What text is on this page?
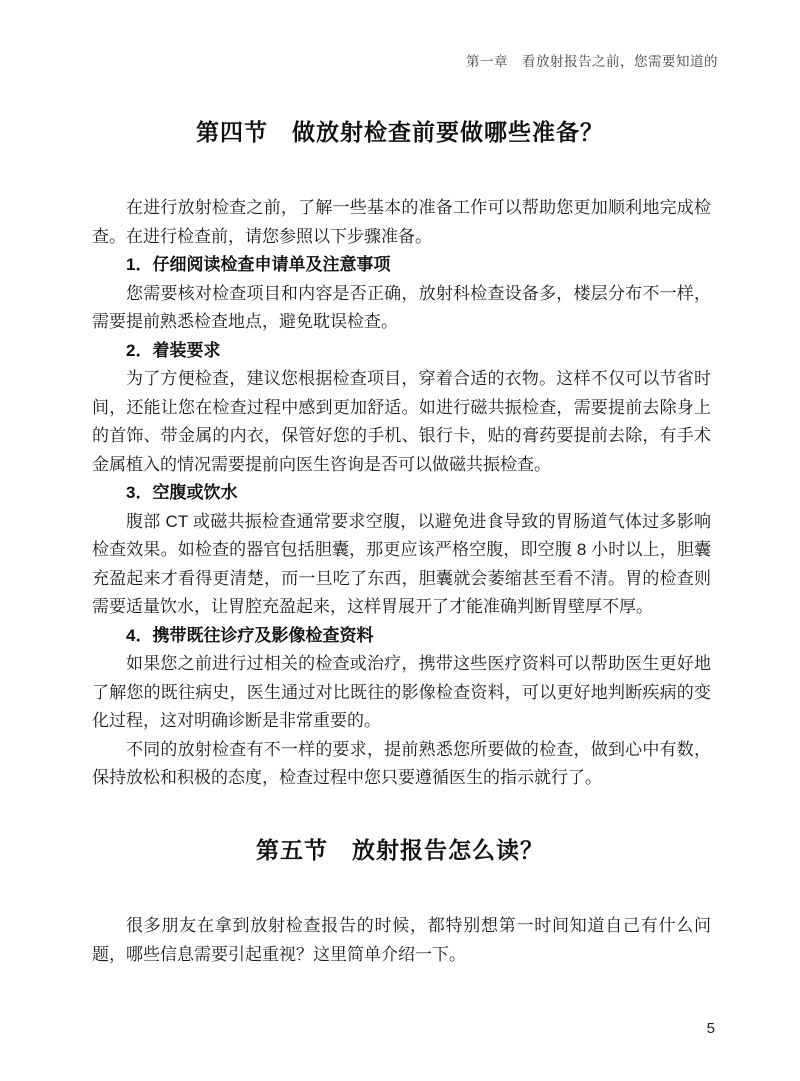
第一章　看放射报告之前，您需要知道的
第四节　做放射检查前要做哪些准备？

在进行放射检查之前，了解一些基本的准备工作可以帮助您更加顺利地完成检查。在进行检查前，请您参照以下步骤准备。

1．仔细阅读检查申请单及注意事项

您需要核对检查项目和内容是否正确，放射科检查设备多，楼层分布不一样，需要提前熟悉检查地点，避免耽误检查。

2．着装要求

为了方便检查，建议您根据检查项目，穿着合适的衣物。这样不仅可以节省时间，还能让您在检查过程中感到更加舒适。如进行磁共振检查，需要提前去除身上的首饰、带金属的内衣，保管好您的手机、银行卡，贴的膏药要提前去除，有手术金属植入的情况需要提前向医生咨询是否可以做磁共振检查。

3．空腹或饮水

腹部 CT 或磁共振检查通常要求空腹，以避免进食导致的胃肠道气体过多影响检查效果。如检查的器官包括胆囊，那更应该严格空腹，即空腹 8 小时以上，胆囊充盈起来才看得更清楚，而一旦吃了东西，胆囊就会萎缩甚至看不清。胃的检查则需要适量饮水，让胃腔充盈起来，这样胃展开了才能准确判断胃壁厚不厚。

4．携带既往诊疗及影像检查资料

如果您之前进行过相关的检查或治疗，携带这些医疗资料可以帮助医生更好地了解您的既往病史，医生通过对比既往的影像检查资料，可以更好地判断疾病的变化过程，这对明确诊断是非常重要的。

不同的放射检查有不一样的要求，提前熟悉您所要做的检查，做到心中有数，保持放松和积极的态度，检查过程中您只要遵循医生的指示就行了。

第五节　放射报告怎么读？

很多朋友在拿到放射检查报告的时候，都特别想第一时间知道自己有什么问题，哪些信息需要引起重视？这里简单介绍一下。

5
